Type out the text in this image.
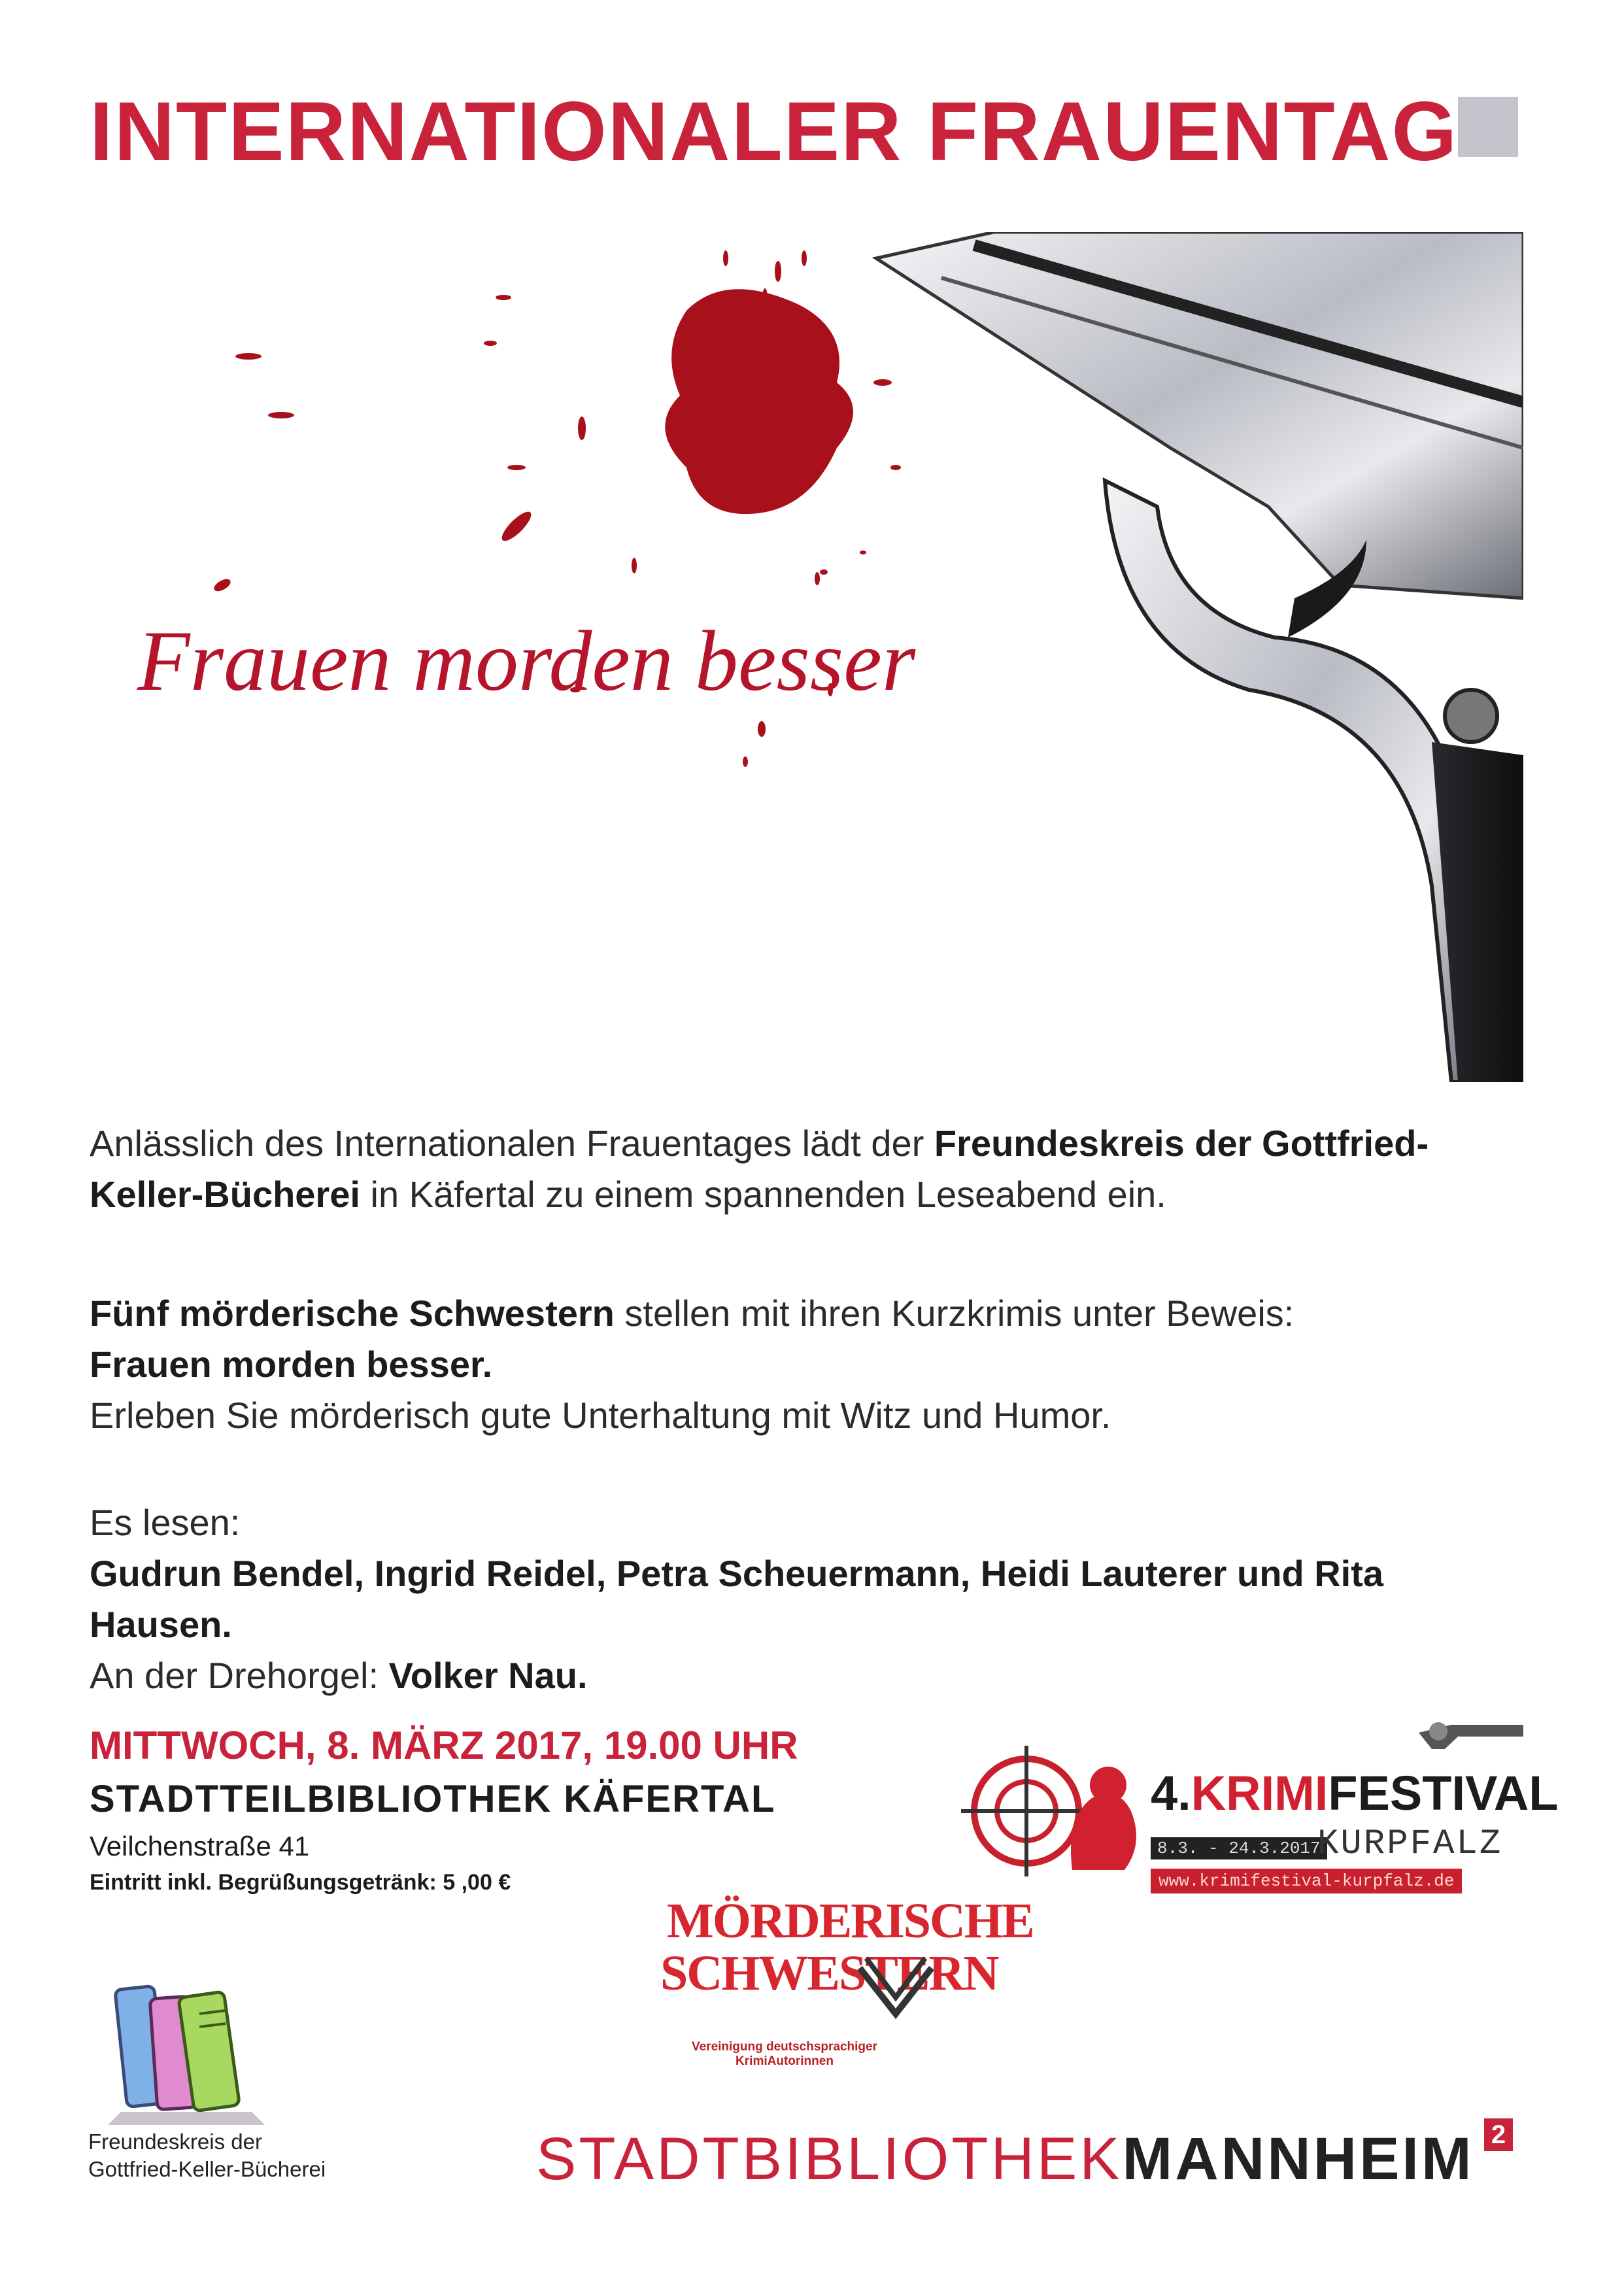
INTERNATIONALER FRAUENTAG
Frauen morden besser
Anlässlich des Internationalen Frauentages lädt der Freundeskreis der Gottfried-Keller-Bücherei in Käfertal zu einem spannenden Leseabend ein.
Fünf mörderische Schwestern stellen mit ihren Kurzkrimis unter Beweis:
Frauen morden besser.
Erleben Sie mörderisch gute Unterhaltung mit Witz und Humor.
Es lesen:
Gudrun Bendel, Ingrid Reidel, Petra Scheuermann, Heidi Lauterer und Rita Hausen.
An der Drehorgel: Volker Nau.
MITTWOCH, 8. MÄRZ 2017, 19.00 UHR
STADTTEILBIBLIOTHEK KÄFERTAL
Veilchenstraße 41
Eintritt inkl. Begrüßungsgetränk: 5 ,00 €
4.KRIMIFESTIVAL
8.3. - 24.3.2017
KURPFALZ
www.krimifestival-kurpfalz.de
MÖRDERISCHE
SCHWESTERN
Vereinigung deutschsprachiger
KrimiAutorinnen
Freundeskreis der
Gottfried-Keller-Bücherei	STADTBIBLIOTHEKMANNHEIM 2
